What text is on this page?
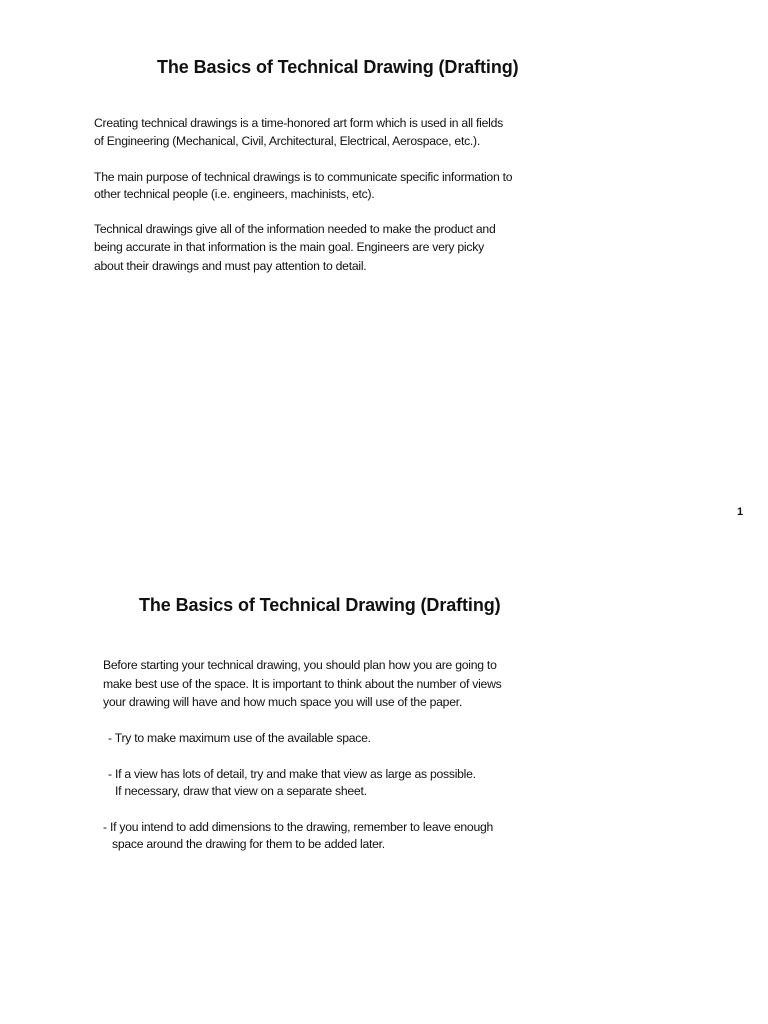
The Basics of Technical Drawing (Drafting)
Creating technical drawings is a time-honored art form which is used in all fields
of Engineering (Mechanical, Civil, Architectural, Electrical, Aerospace, etc.).
The main purpose of technical drawings is to communicate specific information to
other technical people (i.e. engineers, machinists, etc).
Technical drawings give all of the information needed to make the product and
being accurate in that information is the main goal. Engineers are very picky
about their drawings and must pay attention to detail.
1
The Basics of Technical Drawing (Drafting)
Before starting your technical drawing, you should plan how you are going to
make best use of the space. It is important to think about the number of views
your drawing will have and how much space you will use of the paper.
- Try to make maximum use of the available space.
- If a view has lots of detail, try and make that view as large as possible.
If necessary, draw that view on a separate sheet.
- If you intend to add dimensions to the drawing, remember to leave enough
space around the drawing for them to be added later.
